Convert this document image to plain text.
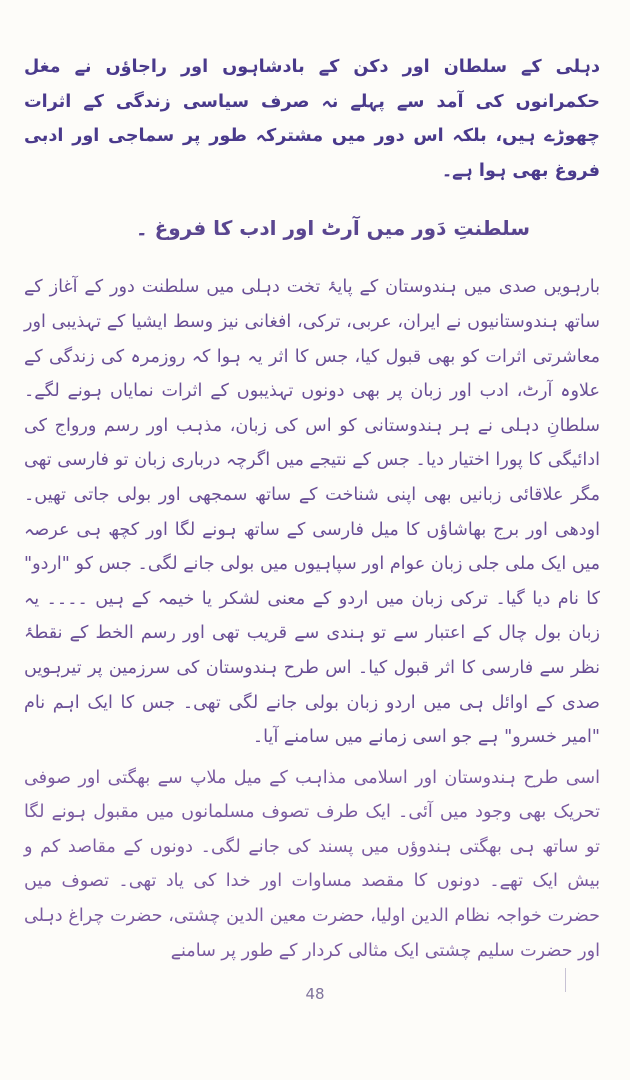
دہلی کے سلطان اور دکن کے بادشاہوں اور راجاؤں نے مغل حکمرانوں کی آمد سے پہلے نہ صرف سیاسی زندگی کے اثرات چھوڑے ہیں، بلکہ اس دور میں مشترکہ طور پر سماجی اور ادبی فروغ بھی ہوا ہے۔

سلطنتِ دَور میں آرٹ اور ادب کا فروغ ۔

بارہویں صدی میں ہندوستان کے پایۂ تخت دہلی میں سلطنت دور کے آغاز کے ساتھ ہندوستانیوں نے ایران، عربی، ترکی، افغانی نیز وسط ایشیا کے تہذیبی اور معاشرتی اثرات کو بھی قبول کیا، جس کا اثر یہ ہوا کہ روزمرہ کی زندگی کے علاوہ آرٹ، ادب اور زبان پر بھی دونوں تہذیبوں کے اثرات نمایاں ہونے لگے۔ سلطانِ دہلی نے ہر ہندوستانی کو اس کی زبان، مذہب اور رسم ورواج کی ادائیگی کا پورا اختیار دیا۔ جس کے نتیجے میں اگرچہ درباری زبان تو فارسی تھی مگر علاقائی زبانیں بھی اپنی شناخت کے ساتھ سمجھی اور بولی جاتی تھیں۔ اودھی اور برج بھاشاؤں کا میل فارسی کے ساتھ ہونے لگا اور کچھ ہی عرصہ میں ایک ملی جلی زبان عوام اور سپاہیوں میں بولی جانے لگی۔ جس کو "اردو" کا نام دیا گیا۔ ترکی زبان میں اردو کے معنی لشکر یا خیمہ کے ہیں ۔۔۔۔ یہ زبان بول چال کے اعتبار سے تو ہندی سے قریب تھی اور رسم الخط کے نقطۂ نظر سے فارسی کا اثر قبول کیا۔ اس طرح ہندوستان کی سرزمین پر تیرہویں صدی کے اوائل ہی میں اردو زبان بولی جانے لگی تھی۔ جس کا ایک اہم نام "امیر خسرو" ہے جو اسی زمانے میں سامنے آیا۔

اسی طرح ہندوستان اور اسلامی مذاہب کے میل ملاپ سے بھگتی اور صوفی تحریک بھی وجود میں آئی۔ ایک طرف تصوف مسلمانوں میں مقبول ہونے لگا تو ساتھ ہی بھگتی ہندوؤں میں پسند کی جانے لگی۔ دونوں کے مقاصد کم و بیش ایک تھے۔ دونوں کا مقصد مساوات اور خدا کی یاد تھی۔ تصوف میں حضرت خواجہ نظام الدین اولیا، حضرت معین الدین چشتی، حضرت چراغ دہلی اور حضرت سلیم چشتی ایک مثالی کردار کے طور پر سامنے

48
